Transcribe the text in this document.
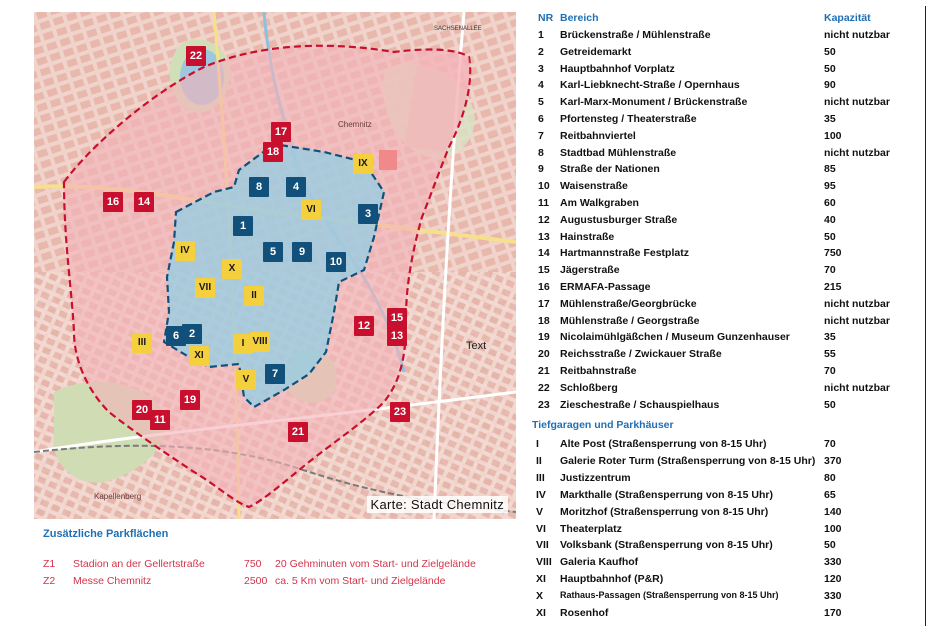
SACHSENALLEE
Chemnitz
Kapellenberg
22
17
18
16	14
12
15
13
20
19
11
21
23
8	4
3
1
5	9
10
6 2
7
IX
VI
IV
X
VII
II
III
XI
I VIII
V
Text
Karte: Stadt Chemnitz
Zusätzliche Parkflächen
Z1 Stadion an der Gellertstraße	750 20 Gehminuten vom Start- und Zielgelände
Z2 Messe Chemnitz	2500 ca. 5 Km vom Start- und Zielgelände
NR Bereich	Kapazität
1 Brückenstraße / Mühlenstraße	nicht nutzbar
2 Getreidemarkt	50
3 Hauptbahnhof Vorplatz	50
4 Karl-Liebknecht-Straße / Opernhaus	90
5 Karl-Marx-Monument / Brückenstraße	nicht nutzbar
6 Pfortensteg / Theaterstraße	35
7 Reitbahnviertel	100
8 Stadtbad Mühlenstraße	nicht nutzbar
9 Straße der Nationen	85
10 Waisenstraße	95
11 Am Walkgraben	60
12 Augustusburger Straße	40
13 Hainstraße	50
14 Hartmannstraße Festplatz	750
15 Jägerstraße	70
16 ERMAFA-Passage	215
17 Mühlenstraße/Georgbrücke	nicht nutzbar
18 Mühlenstraße / Georgstraße	nicht nutzbar
19 Nicolaimühlgäßchen / Museum Gunzenhauser	35
20 Reichsstraße / Zwickauer Straße	55
21 Reitbahnstraße	70
22 Schloßberg	nicht nutzbar
23 Zieschestraße / Schauspielhaus	50
Tiefgaragen und Parkhäuser
I Alte Post (Straßensperrung von 8-15 Uhr)	70
II Galerie Roter Turm (Straßensperrung von 8-15 Uhr) 370
III Justizzentrum	80
IV Markthalle (Straßensperrung von 8-15 Uhr)	65
V Moritzhof (Straßensperrung von 8-15 Uhr)	140
VI Theaterplatz	100
VII Volksbank (Straßensperrung von 8-15 Uhr)	50
VIII Galeria Kaufhof	330
XI Hauptbahnhof (P&R)	120
X Rathaus-Passagen (Straßensperrung von 8-15 Uhr)	330
XI Rosenhof	170
